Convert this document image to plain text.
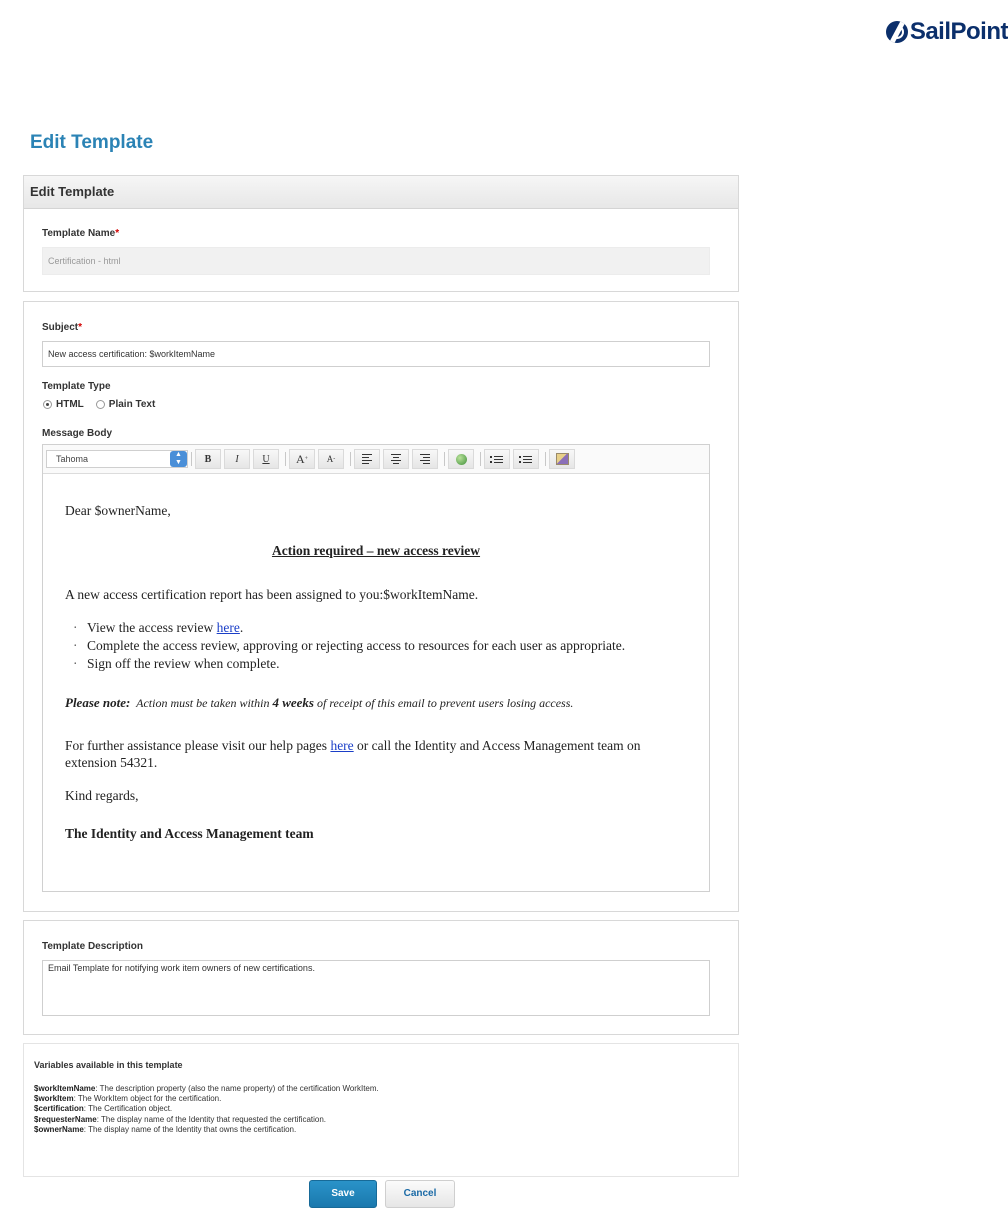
SailPoint
Edit Template
Edit Template
Template Name*
Certification - html
Subject*
New access certification: $workItemName
Template Type
HTML	Plain Text
Message Body
Tahoma	▲
▼	B I U A + A -

Dear $ownerName,

Action required – new access review

A new access certification report has been assigned to you:$workItemName.

· View the access review here.
· Complete the access review, approving or rejecting access to resources for each user as appropriate.
· Sign off the review when complete.

Please note: Action must be taken within 4 weeks of receipt of this email to prevent users losing access.

For further assistance please visit our help pages here or call the Identity and Access Management team on extension 54321.

Kind regards,

The Identity and Access Management team

Template Description
Email Template for notifying work item owners of new certifications.
Variables available in this template
$workItemName: The description property (also the name property) of the certification WorkItem.
$workItem: The WorkItem object for the certification.
$certification: The Certification object.
$requesterName: The display name of the Identity that requested the certification.
$ownerName: The display name of the Identity that owns the certification.
Save	Cancel
